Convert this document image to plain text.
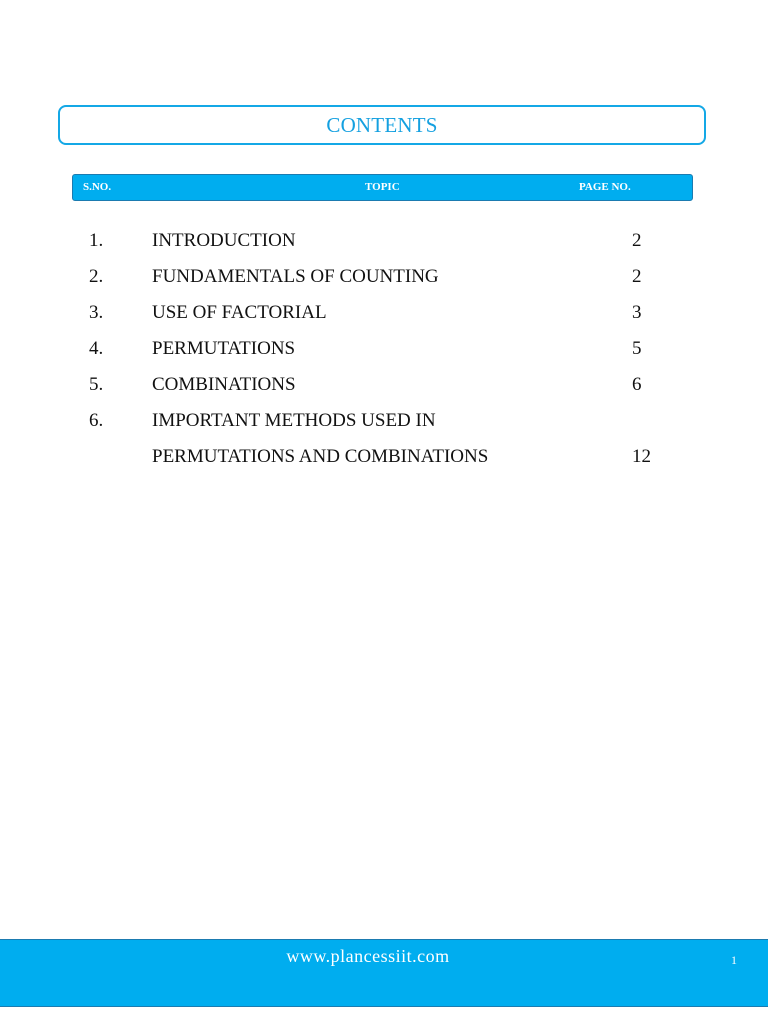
CONTENTS
S.NO.	TOPIC	PAGE NO.
1.	INTRODUCTION	2
2.	FUNDAMENTALS OF COUNTING	2
3.	USE OF FACTORIAL	3
4.	PERMUTATIONS	5
5.	COMBINATIONS	6
6.	IMPORTANT METHODS USED IN
PERMUTATIONS AND COMBINATIONS	12
www.plancessiit.com	1
